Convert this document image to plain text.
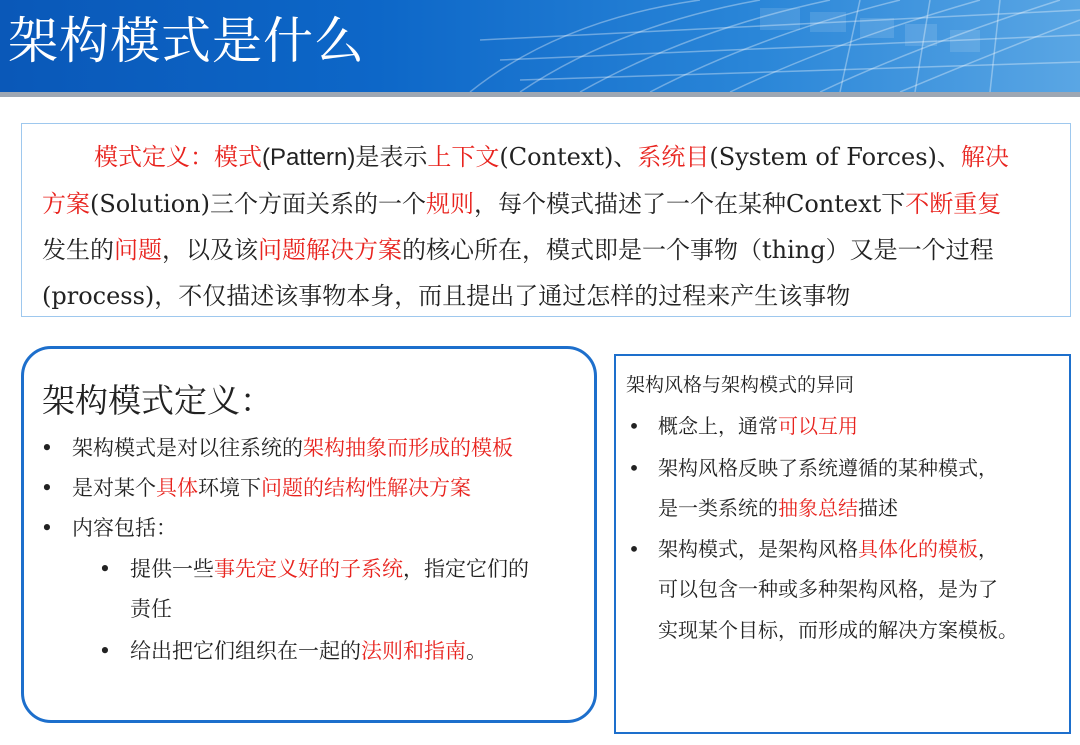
架构模式是什么
模式定义：模式(Pattern)是表示上下文(Context)、系统目(System of Forces)、解决
方案(Solution)三个方面关系的一个规则，每个模式描述了一个在某种Context下不断重复
发生的问题，以及该问题解决方案的核心所在，模式即是一个事物（thing）又是一个过程
(process)，不仅描述该事物本身，而且提出了通过怎样的过程来产生该事物
架构模式定义：
• 架构模式是对以往系统的架构抽象而形成的模板
• 是对某个具体环境下问题的结构性解决方案
• 内容包括：
• 提供一些事先定义好的子系统，指定它们的
责任
• 给出把它们组织在一起的法则和指南。
架构风格与架构模式的异同
• 概念上，通常可以互用
• 架构风格反映了系统遵循的某种模式，
是一类系统的抽象总结描述
• 架构模式，是架构风格具体化的模板，
可以包含一种或多种架构风格，是为了
实现某个目标，而形成的解决方案模板。
